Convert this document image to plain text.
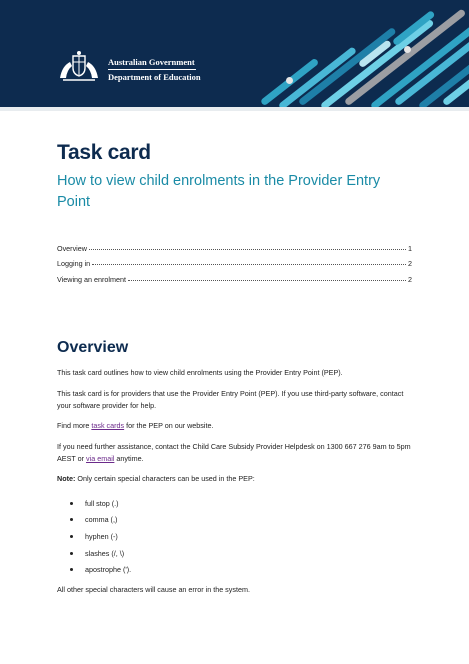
Australian Government
Department of Education
Task card
How to view child enrolments in the Provider Entry Point
Overview	1
Logging in	2
Viewing an enrolment	2
Overview
This task card outlines how to view child enrolments using the Provider Entry Point (PEP).
This task card is for providers that use the Provider Entry Point (PEP). If you use third-party software, contact your software provider for help.
Find more task cards for the PEP on our website.
If you need further assistance, contact the Child Care Subsidy Provider Helpdesk on 1300 667 276 9am to 5pm AEST or via email anytime.
Note: Only certain special characters can be used in the PEP:
full stop (.)
comma (,)
hyphen (-)
slashes (/, \)
apostrophe (').
All other special characters will cause an error in the system.
